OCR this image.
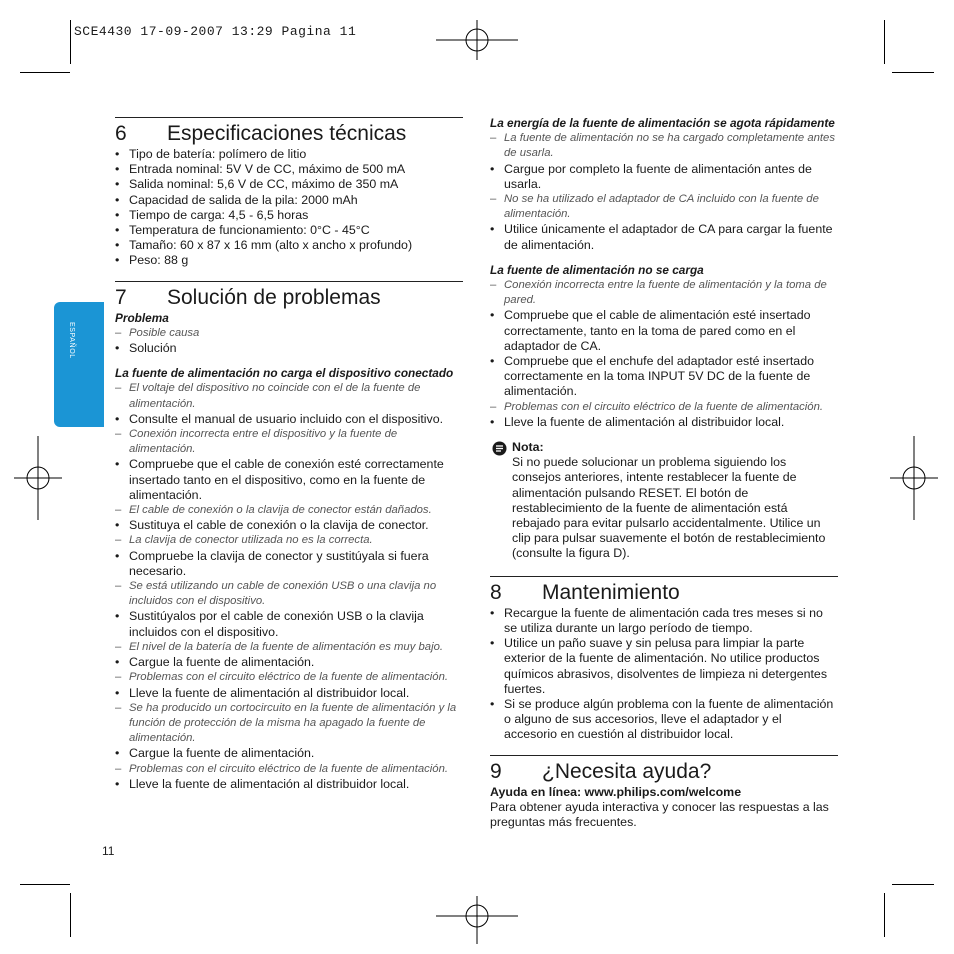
SCE4430 17-09-2007 13:29 Pagina 11
ESPAÑOL
11
6	Especificaciones técnicas
• Tipo de batería: polímero de litio
• Entrada nominal: 5V V de CC, máximo de 500 mA
• Salida nominal: 5,6 V de CC, máximo de 350 mA
• Capacidad de salida de la pila: 2000 mAh
• Tiempo de carga: 4,5 - 6,5 horas
• Temperatura de funcionamiento: 0°C - 45°C
• Tamaño: 60 x 87 x 16 mm (alto x ancho x profundo)
• Peso: 88 g
7	Solución de problemas
Problema
– Posible causa
• Solución
La fuente de alimentación no carga el dispositivo conectado
– El voltaje del dispositivo no coincide con el de la fuente de alimentación.
• Consulte el manual de usuario incluido con el dispositivo.
– Conexión incorrecta entre el dispositivo y la fuente de alimentación.
• Compruebe que el cable de conexión esté correctamente insertado tanto en el dispositivo, como en la fuente de alimentación.
– El cable de conexión o la clavija de conector están dañados.
• Sustituya el cable de conexión o la clavija de conector.
– La clavija de conector utilizada no es la correcta.
• Compruebe la clavija de conector y sustitúyala si fuera necesario.
– Se está utilizando un cable de conexión USB o una clavija no incluidos con el dispositivo.
• Sustitúyalos por el cable de conexión USB o la clavija incluidos con el dispositivo.
– El nivel de la batería de la fuente de alimentación es muy bajo.
• Cargue la fuente de alimentación.
– Problemas con el circuito eléctrico de la fuente de alimentación.
• Lleve la fuente de alimentación al distribuidor local.
– Se ha producido un cortocircuito en la fuente de alimentación y la función de protección de la misma ha apagado la fuente de alimentación.
• Cargue la fuente de alimentación.
– Problemas con el circuito eléctrico de la fuente de alimentación.
• Lleve la fuente de alimentación al distribuidor local.
La energía de la fuente de alimentación se agota rápidamente
– La fuente de alimentación no se ha cargado completamente antes de usarla.
• Cargue por completo la fuente de alimentación antes de usarla.
– No se ha utilizado el adaptador de CA incluido con la fuente de alimentación.
• Utilice únicamente el adaptador de CA para cargar la fuente de alimentación.
La fuente de alimentación no se carga
– Conexión incorrecta entre la fuente de alimentación y la toma de pared.
• Compruebe que el cable de alimentación esté insertado correctamente, tanto en la toma de pared como en el adaptador de CA.
• Compruebe que el enchufe del adaptador esté insertado correctamente en la toma INPUT 5V DC de la fuente de alimentación.
– Problemas con el circuito eléctrico de la fuente de alimentación.
• Lleve la fuente de alimentación al distribuidor local.
Nota:
Si no puede solucionar un problema siguiendo los consejos anteriores, intente restablecer la fuente de alimentación pulsando RESET. El botón de restablecimiento de la fuente de alimentación está rebajado para evitar pulsarlo accidentalmente. Utilice un clip para pulsar suavemente el botón de restablecimiento (consulte la figura D).
8	Mantenimiento
• Recargue la fuente de alimentación cada tres meses si no se utiliza durante un largo período de tiempo.
• Utilice un paño suave y sin pelusa para limpiar la parte exterior de la fuente de alimentación. No utilice productos químicos abrasivos, disolventes de limpieza ni detergentes fuertes.
• Si se produce algún problema con la fuente de alimentación o alguno de sus accesorios, lleve el adaptador y el accesorio en cuestión al distribuidor local.
9	¿Necesita ayuda?
Ayuda en línea: www.philips.com/welcome
Para obtener ayuda interactiva y conocer las respuestas a las preguntas más frecuentes.
